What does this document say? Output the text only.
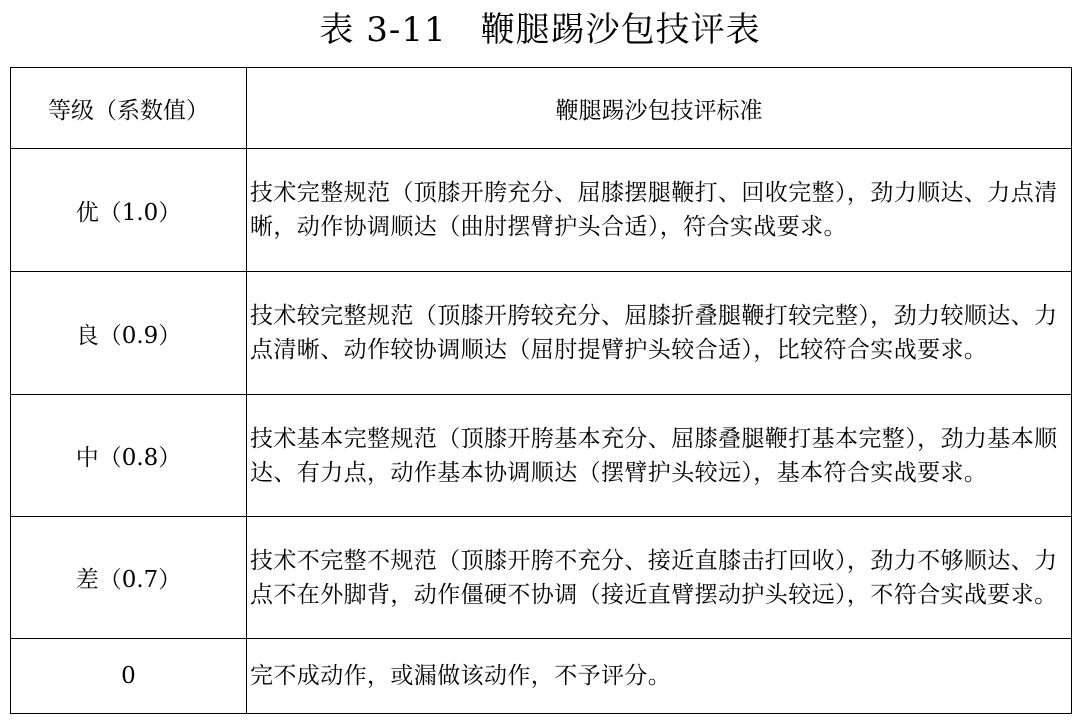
表 3-11 鞭腿踢沙包技评表
等级（系数值）	鞭腿踢沙包技评标准
优（1.0）	技术完整规范（顶膝开胯充分、屈膝摆腿鞭打、回收完整），劲力顺达、力点清晰，动作协调顺达（曲肘摆臂护头合适），符合实战要求。
良（0.9）	技术较完整规范（顶膝开胯较充分、屈膝折叠腿鞭打较完整），劲力较顺达、力点清晰、动作较协调顺达（屈肘提臂护头较合适），比较符合实战要求。
中（0.8）	技术基本完整规范（顶膝开胯基本充分、屈膝叠腿鞭打基本完整），劲力基本顺达、有力点，动作基本协调顺达（摆臂护头较远），基本符合实战要求。
差（0.7）	技术不完整不规范（顶膝开胯不充分、接近直膝击打回收），劲力不够顺达、力点不在外脚背，动作僵硬不协调（接近直臂摆动护头较远），不符合实战要求。
0	完不成动作，或漏做该动作，不予评分。
